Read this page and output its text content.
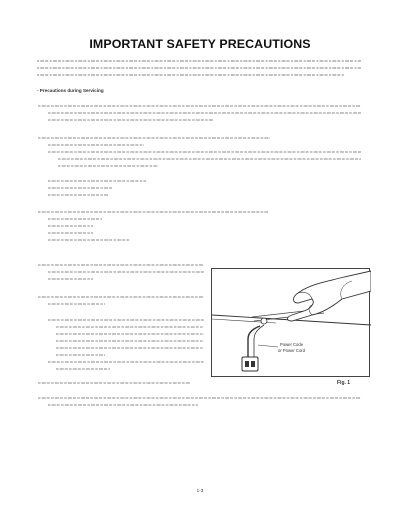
IMPORTANT SAFETY PRECAUTIONS
- Precautions during Servicing
Power Code
or Power Cord
Fig. 1
1-3
